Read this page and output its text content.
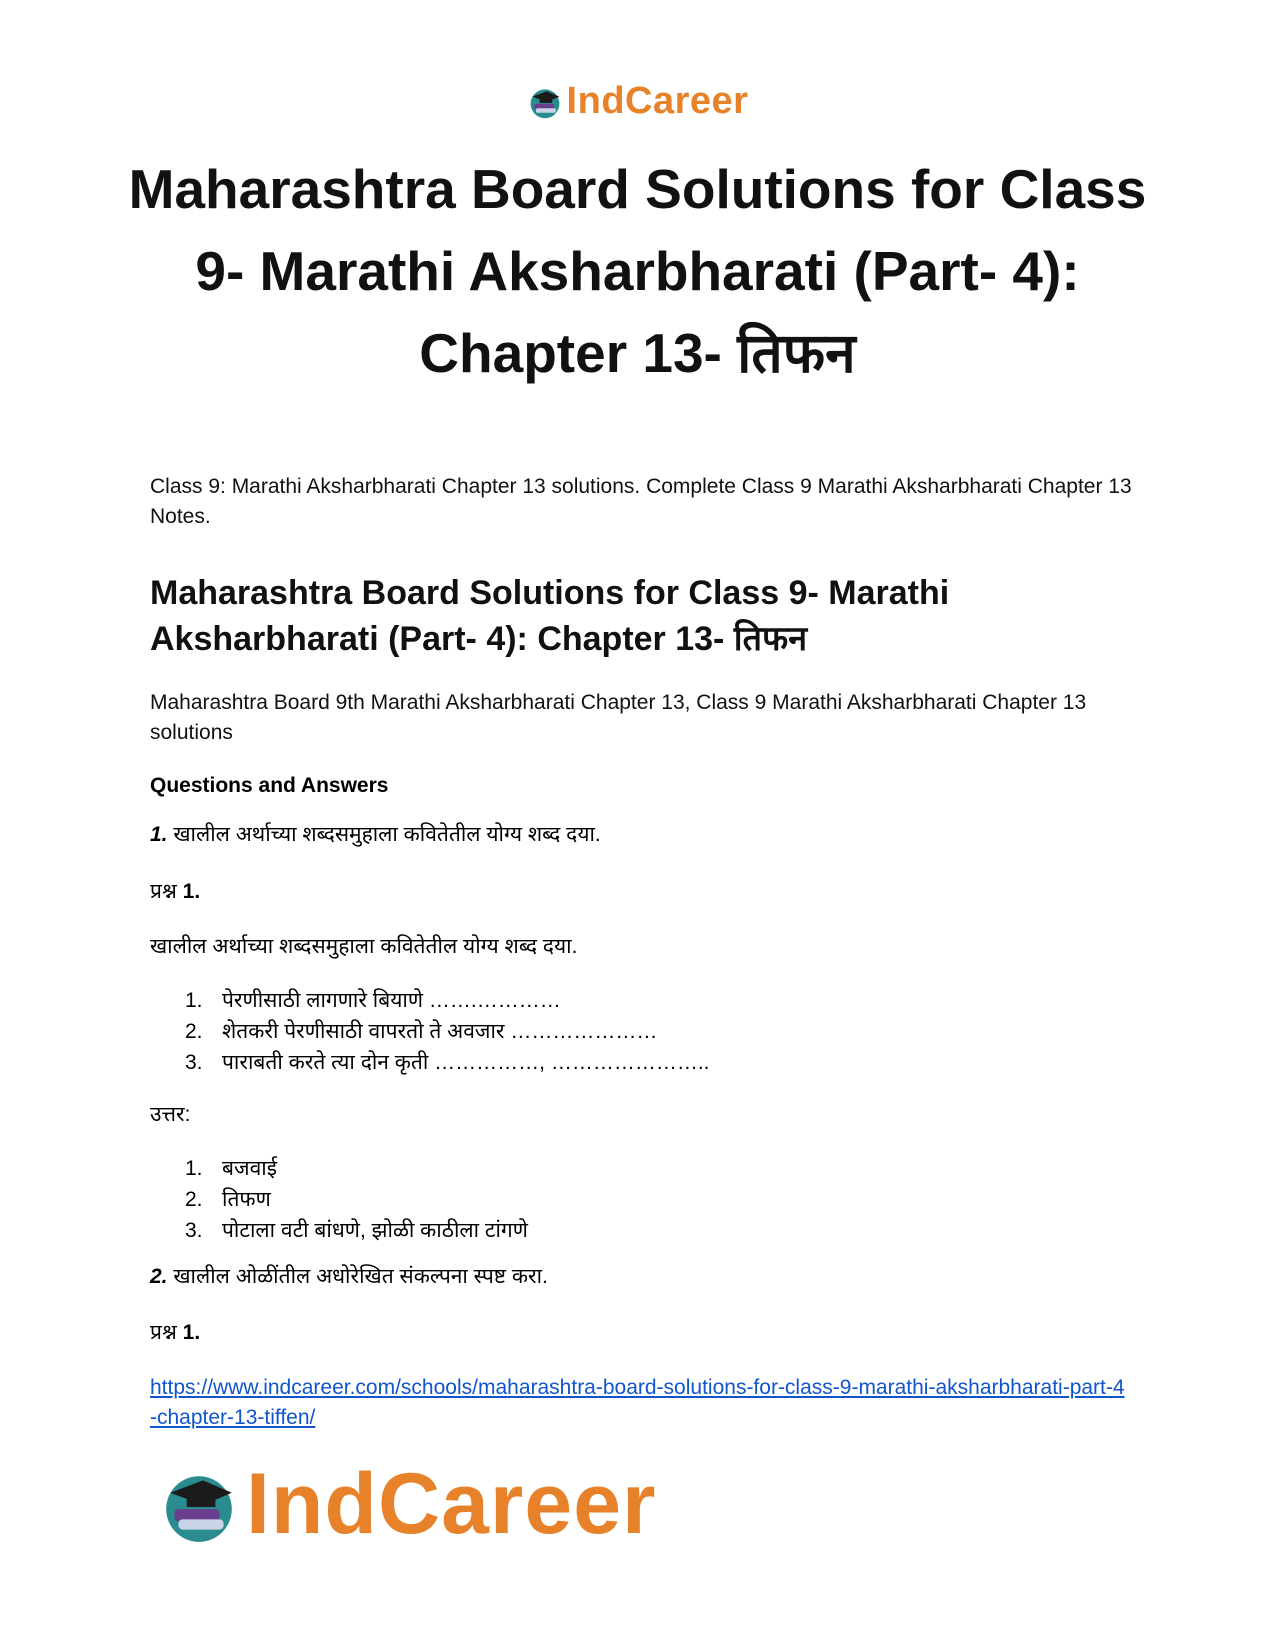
IndCareer
Maharashtra Board Solutions for Class 9- Marathi Aksharbharati (Part- 4): Chapter 13- तिफन

Class 9: Marathi Aksharbharati Chapter 13 solutions. Complete Class 9 Marathi Aksharbharati Chapter 13 Notes.

Maharashtra Board Solutions for Class 9- Marathi Aksharbharati (Part- 4): Chapter 13- तिफन

Maharashtra Board 9th Marathi Aksharbharati Chapter 13, Class 9 Marathi Aksharbharati Chapter 13 solutions

Questions and Answers

1. खालील अर्थाच्या शब्दसमुहाला कवितेतील योग्य शब्द दया.

प्रश्न 1.

खालील अर्थाच्या शब्दसमुहाला कवितेतील योग्य शब्द दया.

1. पेरणीसाठी लागणारे बियाणे …….…………
2. शेतकरी पेरणीसाठी वापरतो ते अवजार …………………
3. पाराबती करते त्या दोन कृती ……………, …………………..

उत्तर:

1. बजवाई
2. तिफण
3. पोटाला वटी बांधणे, झोळी काठीला टांगणे

2. खालील ओळींतील अधोरेखित संकल्पना स्पष्ट करा.

प्रश्न 1.

https://www.indcareer.com/schools/maharashtra-board-solutions-for-class-9-marathi-aksharbharati-part-4-chapter-13-tiffen/
IndCareer
